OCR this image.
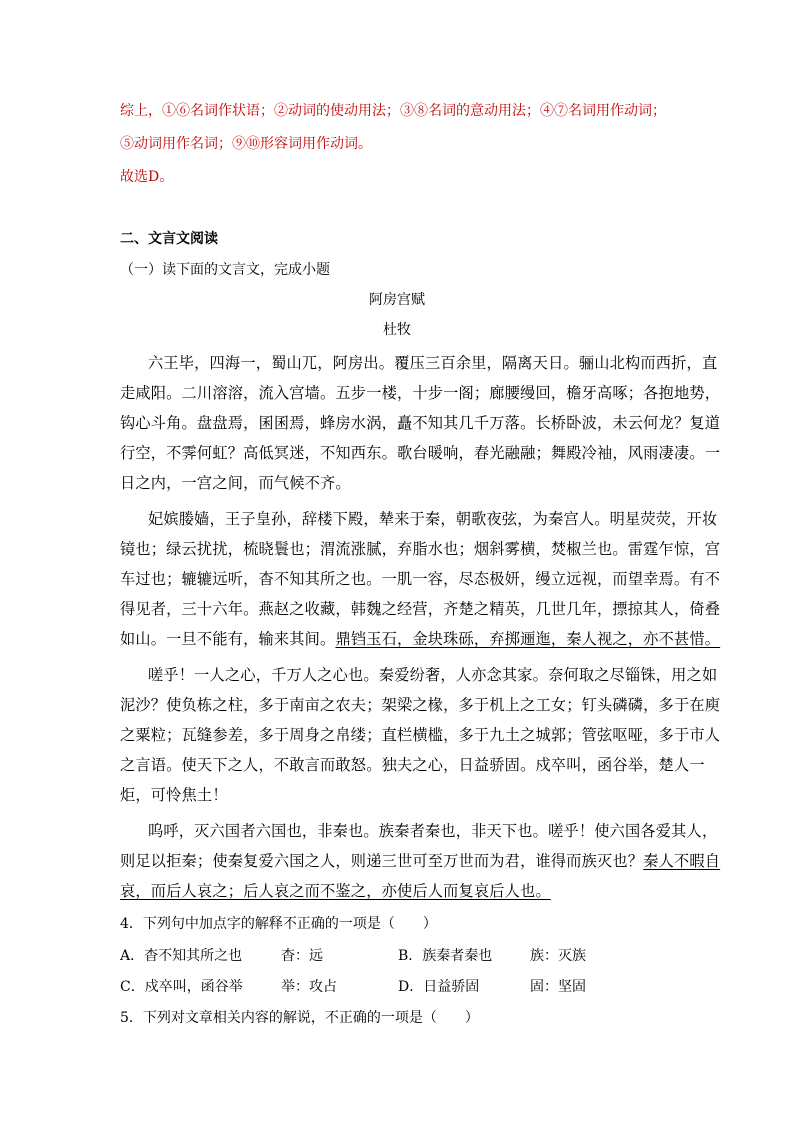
综上，①⑥名词作状语；②动词的使动用法；③⑧名词的意动用法；④⑦名词用作动词；
⑤动词用作名词；⑨⑩形容词用作动词。
故选D。
二、文言文阅读
（一）读下面的文言文，完成小题
阿房宫赋
杜牧
六王毕，四海一，蜀山兀，阿房出。覆压三百余里，隔离天日。骊山北构而西折，直
走咸阳。二川溶溶，流入宫墙。五步一楼，十步一阁；廊腰缦回，檐牙高啄；各抱地势，
钩心斗角。盘盘焉，囷囷焉，蜂房水涡，矗不知其几千万落。长桥卧波，未云何龙？复道
行空，不霁何虹？高低冥迷，不知西东。歌台暖响，春光融融；舞殿冷袖，风雨凄凄。一
日之内，一宫之间，而气候不齐。
妃嫔媵嫱，王子皇孙，辞楼下殿，辇来于秦，朝歌夜弦，为秦宫人。明星荧荧，开妆
镜也；绿云扰扰，梳晓鬟也；渭流涨腻，弃脂水也；烟斜雾横，焚椒兰也。雷霆乍惊，宫
车过也；辘辘远听，杳不知其所之也。一肌一容，尽态极妍，缦立远视，而望幸焉。有不
得见者，三十六年。燕赵之收藏，韩魏之经营，齐楚之精英，几世几年，摽掠其人，倚叠
如山。一旦不能有，输来其间。鼎铛玉石，金块珠砾，弃掷逦迤，秦人视之，亦不甚惜。
嗟乎！一人之心，千万人之心也。秦爱纷奢，人亦念其家。奈何取之尽锱铢，用之如
泥沙？使负栋之柱，多于南亩之农夫；架梁之椽，多于机上之工女；钉头磷磷，多于在庾
之粟粒；瓦缝参差，多于周身之帛缕；直栏横槛，多于九土之城郭；管弦呕哑，多于市人
之言语。使天下之人，不敢言而敢怒。独夫之心，日益骄固。戍卒叫，函谷举，楚人一
炬，可怜焦土！
呜呼，灭六国者六国也，非秦也。族秦者秦也，非天下也。嗟乎！使六国各爱其人，
则足以拒秦；使秦复爱六国之人，则递三世可至万世而为君，谁得而族灭也？秦人不暇自
哀，而后人哀之；后人哀之而不鉴之，亦使后人而复哀后人也。
4．下列句中加点字的解释不正确的一项是（　　）
A．杳不知其所之也	杳：远	B．族秦者秦也	族：灭族
C．戍卒叫，函谷举	举：攻占	D．日益骄固	固：坚固
5．下列对文章相关内容的解说，不正确的一项是（　　）
